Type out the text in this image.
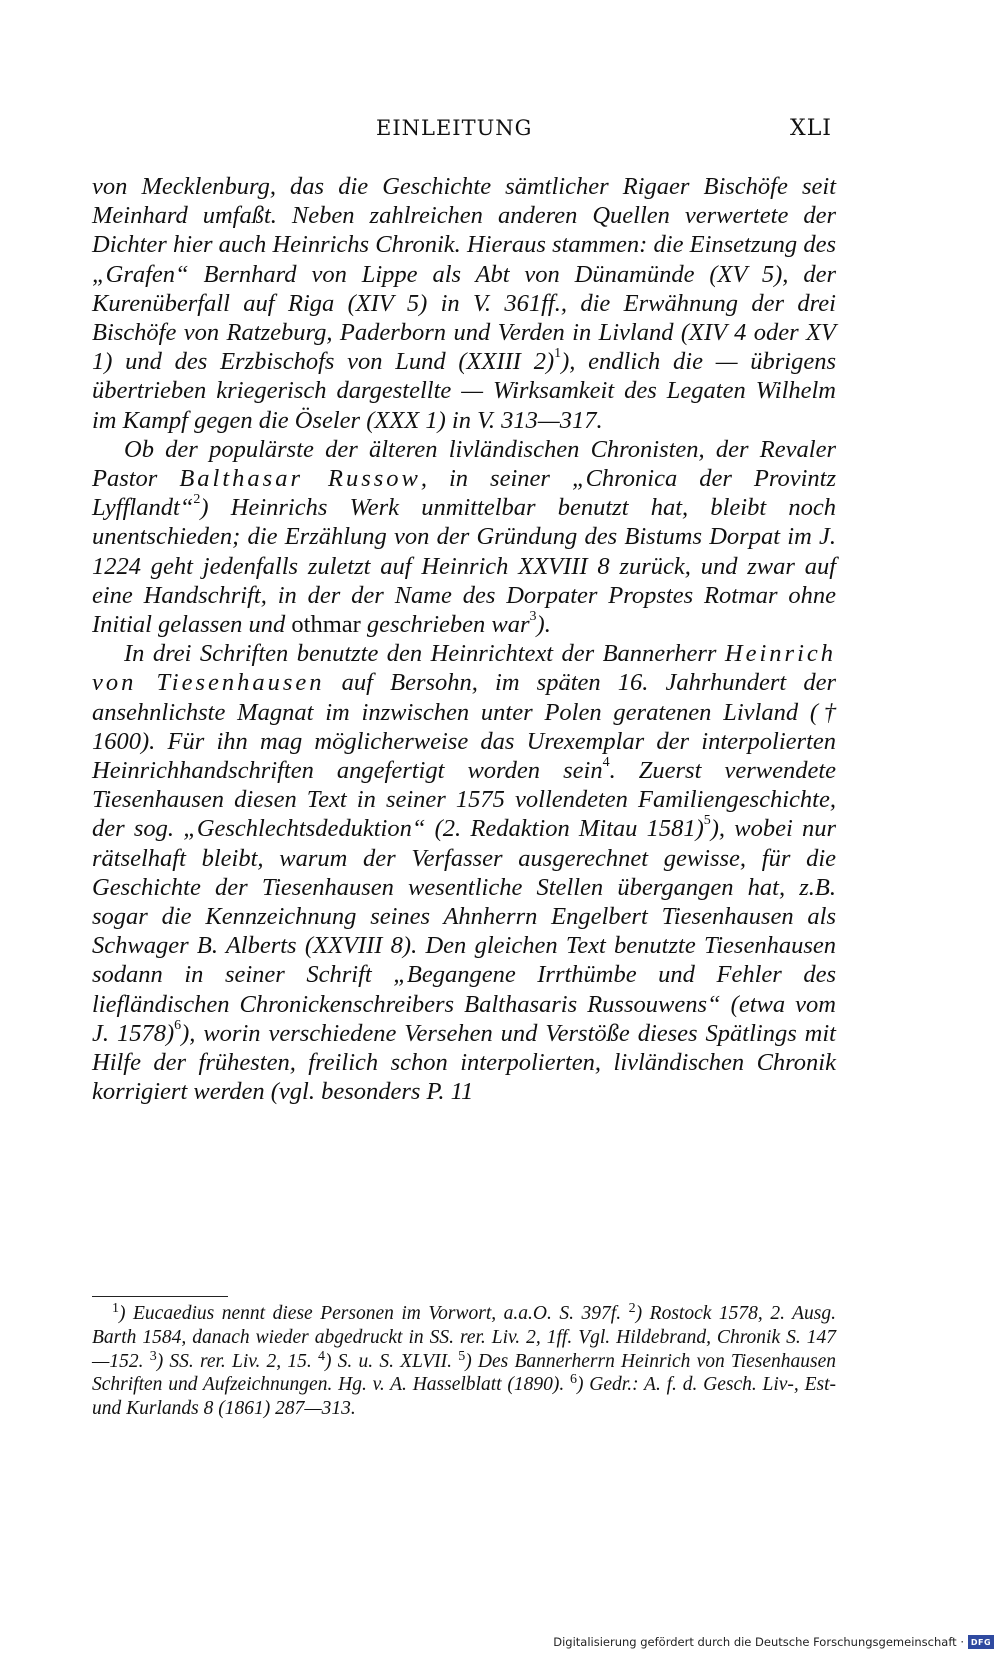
EINLEITUNG	XLI

von Mecklenburg, das die Geschichte sämtlicher Rigaer Bischöfe seit Meinhard umfaßt. Neben zahlreichen anderen Quellen verwertete der Dichter hier auch Heinrichs Chronik. Hieraus stammen: die Einsetzung des „Grafen“ Bernhard von Lippe als Abt von Dünamünde (XV 5), der Kurenüberfall auf Riga (XIV 5) in V. 361ff., die Erwähnung der drei Bischöfe von Ratzeburg, Paderborn und Verden in Livland (XIV 4 oder XV 1) und des Erzbischofs von Lund (XXIII 2)$^1$), endlich die — übrigens übertrieben kriegerisch dargestellte — Wirksamkeit des Legaten Wilhelm im Kampf gegen die Öseler (XXX 1) in V. 313—317.

Ob der populärste der älteren livländischen Chronisten, der Revaler Pastor Balthasar Russow, in seiner „Chronica der Provintz Lyfflandt“$^2$) Heinrichs Werk unmittelbar benutzt hat, bleibt noch unentschieden; die Erzählung von der Gründung des Bistums Dorpat im J. 1224 geht jedenfalls zuletzt auf Heinrich XXVIII 8 zurück, und zwar auf eine Handschrift, in der der Name des Dorpater Propstes Rotmar ohne Initial gelassen und othmar geschrieben war$^3$).

In drei Schriften benutzte den Heinrichtext der Bannerherr Heinrich von Tiesenhausen auf Bersohn, im späten 16. Jahrhundert der ansehnlichste Magnat im inzwischen unter Polen geratenen Livland († 1600). Für ihn mag möglicherweise das Urexemplar der interpolierten Heinrichhandschriften angefertigt worden sein$^4$. Zuerst verwendete Tiesenhausen diesen Text in seiner 1575 vollendeten Familiengeschichte, der sog. „Geschlechtsdeduktion“ (2. Redaktion Mitau 1581)$^5$), wobei nur rätselhaft bleibt, warum der Verfasser ausgerechnet gewisse, für die Geschichte der Tiesenhausen wesentliche Stellen übergangen hat, z.B. sogar die Kennzeichnung seines Ahnherrn Engelbert Tiesenhausen als Schwager B. Alberts (XXVIII 8). Den gleichen Text benutzte Tiesenhausen sodann in seiner Schrift „Begangene Irrthümbe und Fehler des liefländischen Chronickenschreibers Balthasaris Russouwens“ (etwa vom J. 1578)$^6$), worin verschiedene Versehen und Verstöße dieses Spätlings mit Hilfe der frühesten, freilich schon interpolierten, livländischen Chronik korrigiert werden (vgl. besonders P. 11

$^1$) Eucaedius nennt diese Personen im Vorwort, a.a.O. S. 397f. $^2$) Rostock 1578, 2. Ausg. Barth 1584, danach wieder abgedruckt in SS. rer. Liv. 2, 1ff. Vgl. Hildebrand, Chronik S. 147—152. $^3$) SS. rer. Liv. 2, 15. $^4$) S. u. S. XLVII. $^5$) Des Bannerherrn Heinrich von Tiesenhausen Schriften und Aufzeichnungen. Hg. v. A. Hasselblatt (1890). $^6$) Gedr.: A. f. d. Gesch. Liv-, Est- und Kurlands 8 (1861) 287—313.

Digitalisierung gefördert durch die Deutsche Forschungsgemeinschaft · DFG
